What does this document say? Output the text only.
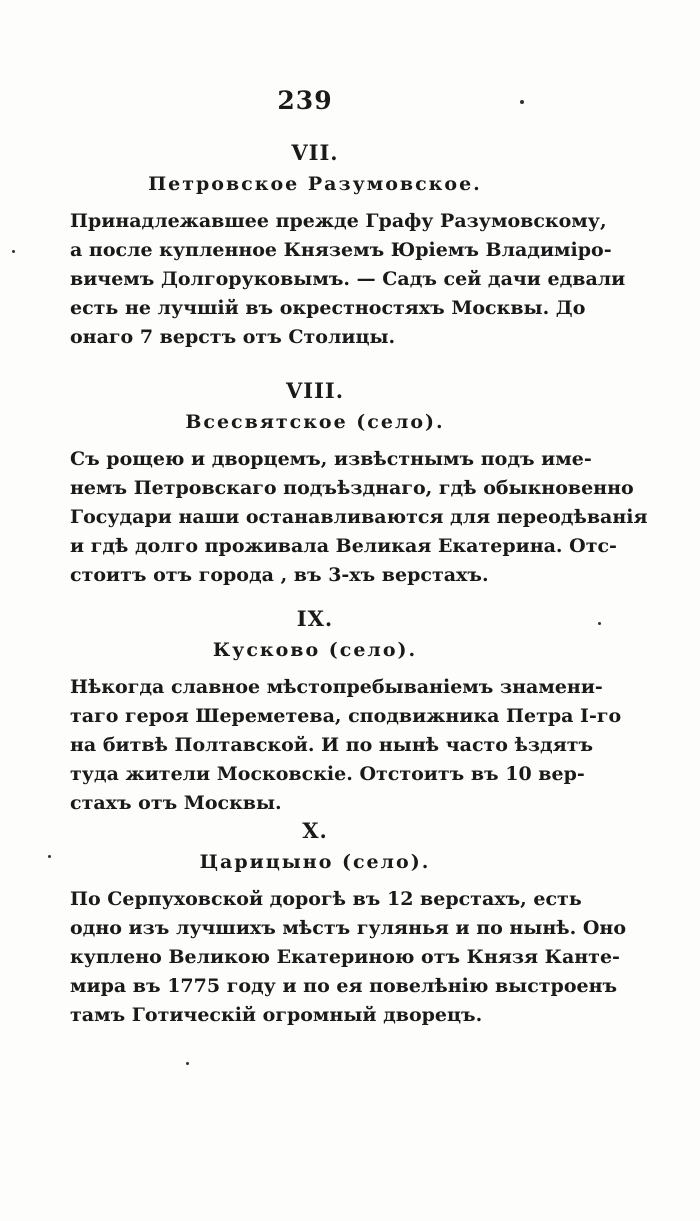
239
VII.
Петровское Разумовское.
Принадлежавшее прежде Графу Разумовскому,
а после купленное Княземъ Юріемъ Владиміро-
вичемъ Долгоруковымъ. — Садъ сей дачи едвали
есть не лучшій въ окрестностяхъ Москвы. До
онаго 7 верстъ отъ Столицы.
VIII.
Всесвятское (село).
Съ рощею и дворцемъ, извѣстнымъ подъ име-
немъ Петровскаго подъѣзднаго, гдѣ обыкновенно
Государи наши останавливаются для переодѣванія
и гдѣ долго проживала Великая Екатерина. Отс-
стоитъ отъ города , въ 3-хъ верстахъ.
IX.
Кусково (село).
Нѣкогда славное мѣстопребываніемъ знамени-
таго героя Шереметева, сподвижника Петра І-го
на битвѣ Полтавской. И по нынѣ часто ѣздятъ
туда жители Московскіе. Отстоитъ въ 10 вер-
стахъ отъ Москвы.
X.
Царицыно (село).
По Серпуховской дорогѣ въ 12 верстахъ, есть
одно изъ лучшихъ мѣстъ гулянья и по нынѣ. Оно
куплено Великою Екатериною отъ Князя Канте-
мира въ 1775 году и по ея повелѣнію выстроенъ
тамъ Готическій огромный дворецъ.
